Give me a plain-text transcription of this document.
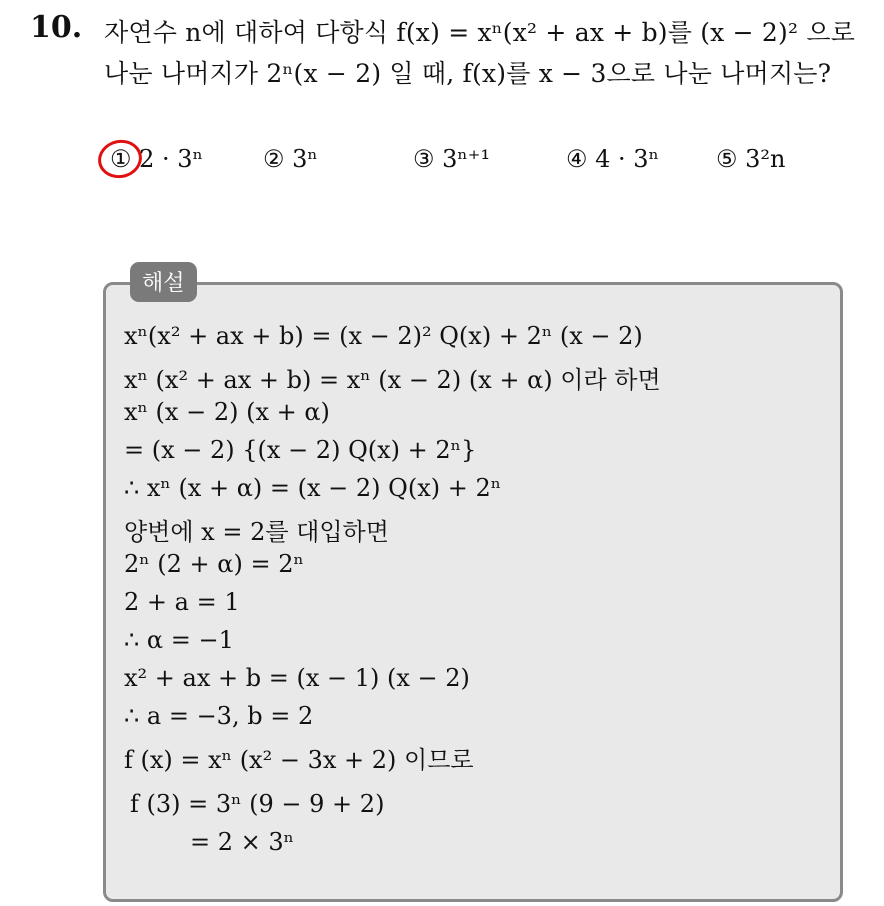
10. 자연수 n에 대하여 다항식 f(x) = xⁿ(x² + ax + b)를 (x − 2)² 으로
나눈 나머지가 2ⁿ(x − 2) 일 때, f(x)를 x − 3으로 나눈 나머지는?
① 2 · 3ⁿ	② 3ⁿ	③ 3ⁿ⁺¹	④ 4 · 3ⁿ ⑤ 3²n
해설
xⁿ(x² + ax + b) = (x − 2)² Q(x) + 2ⁿ (x − 2)
xⁿ (x² + ax + b) = xⁿ (x − 2) (x + α) 이라 하면
xⁿ (x − 2) (x + α)
= (x − 2) {(x − 2) Q(x) + 2ⁿ}
∴ xⁿ (x + α) = (x − 2) Q(x) + 2ⁿ
양변에 x = 2를 대입하면
2ⁿ (2 + α) = 2ⁿ
2 + a = 1
∴ α = −1
x² + ax + b = (x − 1) (x − 2)
∴ a = −3, b = 2
f (x) = xⁿ (x² − 3x + 2) 이므로
f (3) = 3ⁿ (9 − 9 + 2)
= 2 × 3ⁿ
